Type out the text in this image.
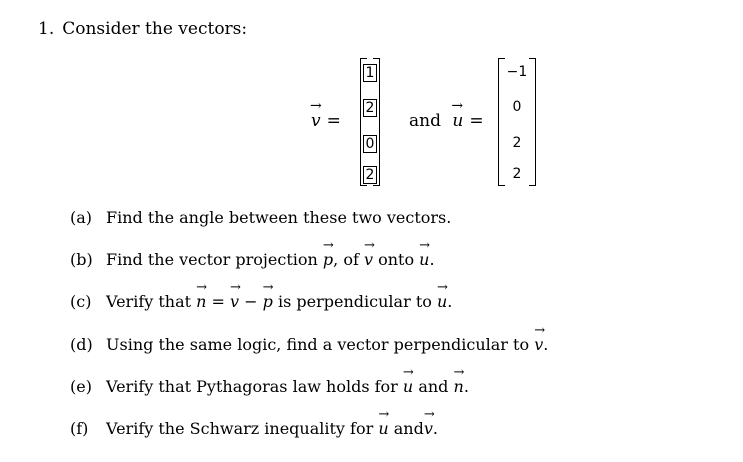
1. Consider the vectors:
→ v =
1
2
0
2
and → u =
−1
0
2
2
(a) Find the angle between these two vectors.
(b) Find the vector projection → p, of → v onto → u.
(c) Verify that → n = → v − → p is perpendicular to → u.
(d) Using the same logic, find a vector perpendicular to → v.
(e) Verify that Pythagoras law holds for → u and → n.
(f) Verify the Schwarz inequality for → u and→ v.
